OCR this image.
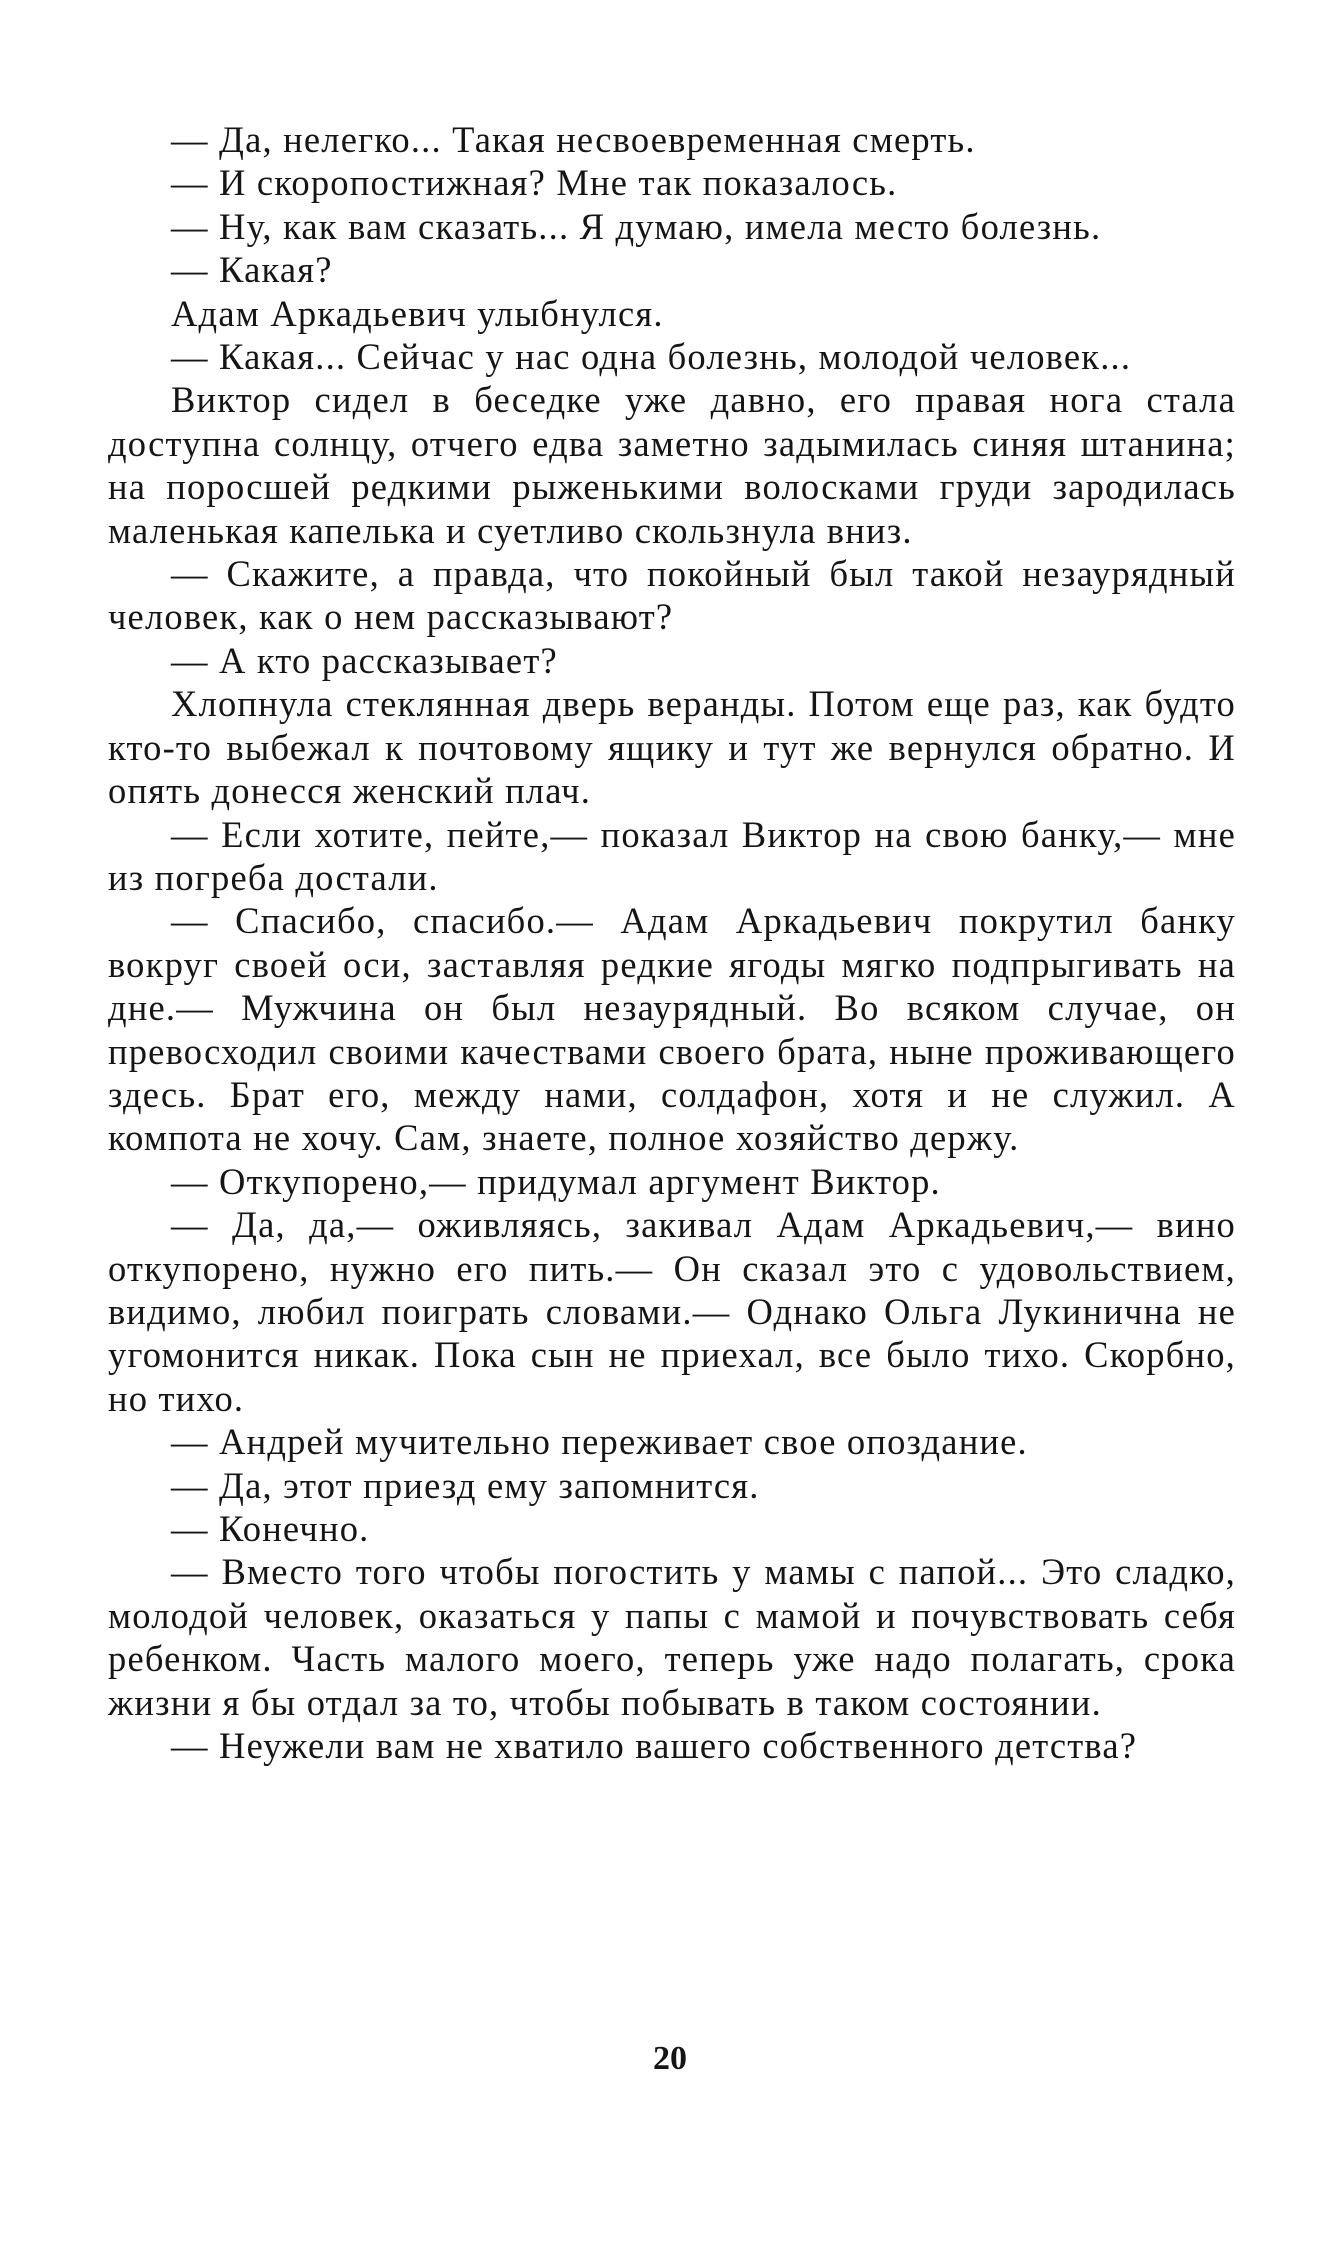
— Да, нелегко... Такая несвоевременная смерть.

— И скоропостижная? Мне так показалось.

— Ну, как вам сказать... Я думаю, имела место болезнь.

— Какая?

Адам Аркадьевич улыбнулся.

— Какая... Сейчас у нас одна болезнь, молодой человек...

Виктор сидел в беседке уже давно, его правая нога стала доступна солнцу, отчего едва заметно задымилась синяя штанина; на поросшей редкими рыженькими волосками груди зародилась маленькая капелька и суетливо скользнула вниз.

— Скажите, а правда, что покойный был такой незаурядный человек, как о нем рассказывают?

— А кто рассказывает?

Хлопнула стеклянная дверь веранды. Потом еще раз, как будто кто-то выбежал к почтовому ящику и тут же вернулся обратно. И опять донесся женский плач.

— Если хотите, пейте,— показал Виктор на свою банку,— мне из погреба достали.

— Спасибо, спасибо.— Адам Аркадьевич покрутил банку вокруг своей оси, заставляя редкие ягоды мягко подпрыгивать на дне.— Мужчина он был незаурядный. Во всяком случае, он превосходил своими качествами своего брата, ныне проживающего здесь. Брат его, между нами, солдафон, хотя и не служил. А компота не хочу. Сам, знаете, полное хозяйство держу.

— Откупорено,— придумал аргумент Виктор.

— Да, да,— оживляясь, закивал Адам Аркадьевич,— вино откупорено, нужно его пить.— Он сказал это с удовольствием, видимо, любил поиграть словами.— Однако Ольга Лукинична не угомонится никак. Пока сын не приехал, все было тихо. Скорбно, но тихо.

— Андрей мучительно переживает свое опоздание.

— Да, этот приезд ему запомнится.

— Конечно.

— Вместо того чтобы погостить у мамы с папой... Это сладко, молодой человек, оказаться у папы с мамой и почувствовать себя ребенком. Часть малого моего, теперь уже надо полагать, срока жизни я бы отдал за то, чтобы побывать в таком состоянии.

— Неужели вам не хватило вашего собственного детства?

20
